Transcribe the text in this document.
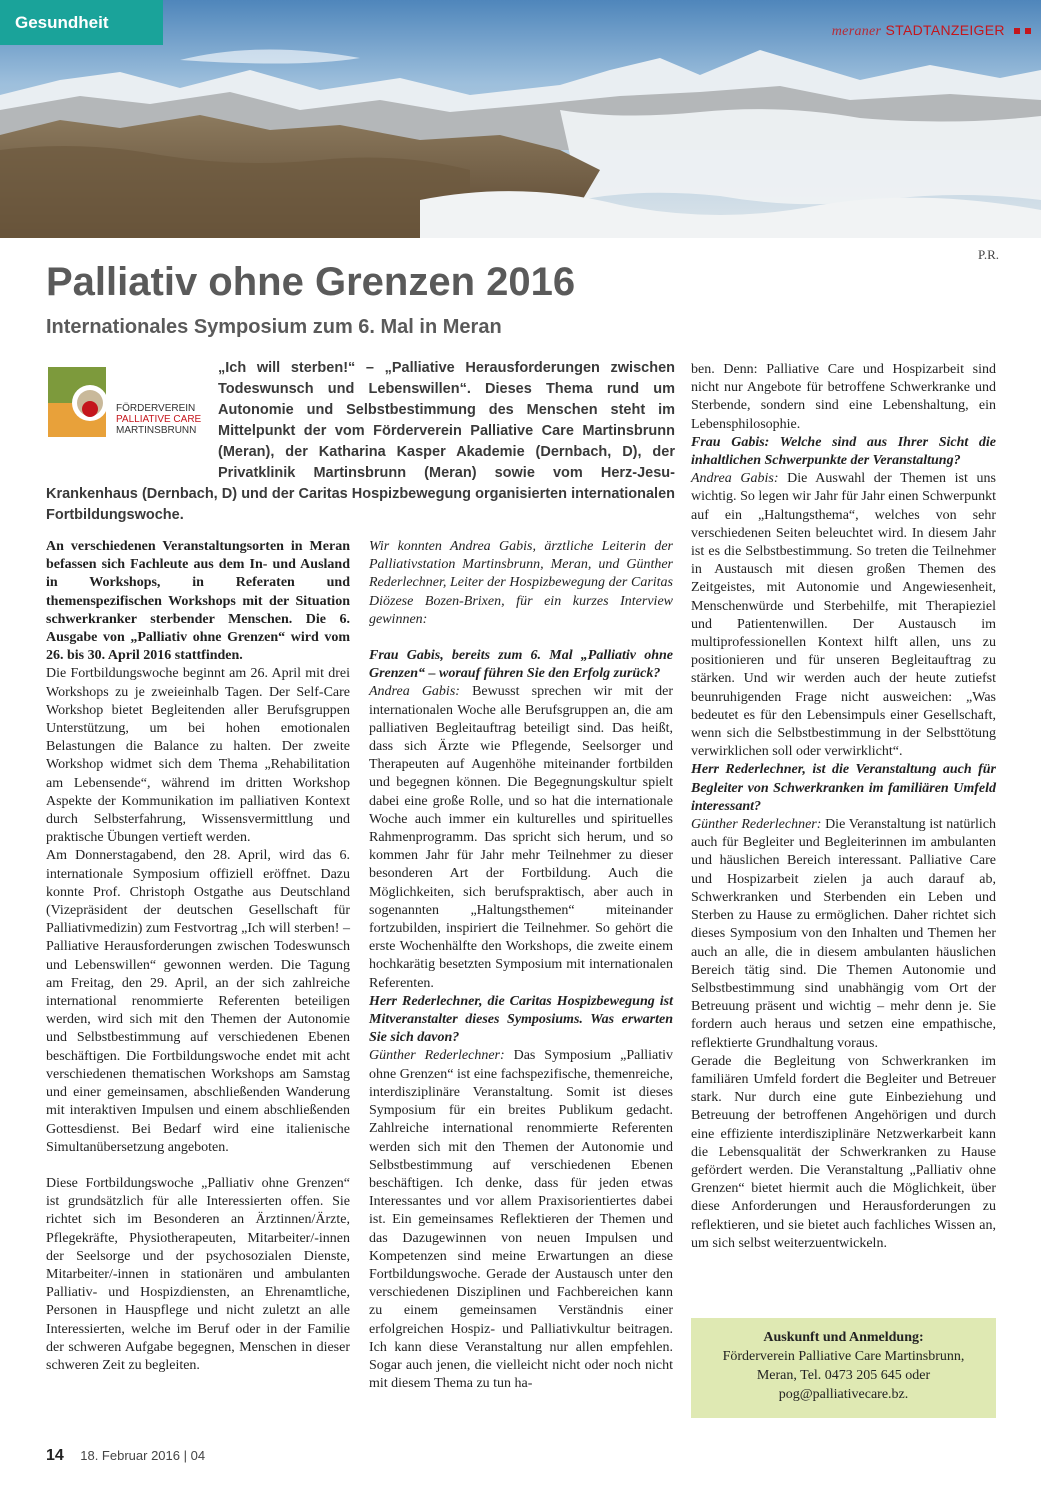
Gesundheit	meraner STADTANZEIGER
P.R.
Palliativ ohne Grenzen 2016
Internationales Symposium zum 6. Mal in Meran
FÖRDERVEREIN
PALLIATIVE CARE
MARTINSBRUNN
„Ich will sterben!“ – „Palliative Herausforderungen zwischen Todeswunsch und Lebenswillen“. Dieses Thema rund um Autonomie und Selbstbestimmung des Menschen steht im Mittelpunkt der vom Förderverein Palliative Care Martinsbrunn (Meran), der Katharina Kasper Akademie (Dernbach, D), der Privatklinik Martinsbrunn (Meran) sowie vom Herz-Jesu-Krankenhaus (Dernbach, D) und der Caritas Hospizbewegung organisierten internationalen Fortbildungswoche.

An verschiedenen Veranstaltungsorten in Meran befassen sich Fachleute aus dem In- und Ausland in Workshops, in Referaten und themenspezifischen Workshops mit der Situation schwerkranker sterbender Menschen. Die 6. Ausgabe von „Palliativ ohne Grenzen“ wird vom 26. bis 30. April 2016 stattfinden.

Die Fortbildungswoche beginnt am 26. April mit drei Workshops zu je zweieinhalb Tagen. Der Self-Care Workshop bietet Begleitenden aller Berufsgruppen Unterstützung, um bei hohen emotionalen Belastungen die Balance zu halten. Der zweite Workshop widmet sich dem Thema „Rehabilitation am Lebensende“, während im dritten Workshop Aspekte der Kommunikation im palliativen Kontext durch Selbsterfahrung, Wissensvermittlung und praktische Übungen vertieft werden.

Am Donnerstagabend, den 28. April, wird das 6. internationale Symposium offiziell eröffnet. Dazu konnte Prof. Christoph Ostgathe aus Deutschland (Vizepräsident der deutschen Gesellschaft für Palliativmedizin) zum Festvortrag „Ich will sterben! – Palliative Herausforderungen zwischen Todeswunsch und Lebenswillen“ gewonnen werden. Die Tagung am Freitag, den 29. April, an der sich zahlreiche international renommierte Referenten beteiligen werden, wird sich mit den Themen der Autonomie und Selbstbestimmung auf verschiedenen Ebenen beschäftigen. Die Fortbildungswoche endet mit acht verschiedenen thematischen Workshops am Samstag und einer gemeinsamen, abschließenden Wanderung mit interaktiven Impulsen und einem abschließenden Gottesdienst. Bei Bedarf wird eine italienische Simultanübersetzung angeboten.

Diese Fortbildungswoche „Palliativ ohne Grenzen“ ist grundsätzlich für alle Interessierten offen. Sie richtet sich im Besonderen an Ärztinnen/Ärzte, Pflegekräfte, Physiotherapeuten, Mitarbeiter/-innen der Seelsorge und der psychosozialen Dienste, Mitarbeiter/-innen in stationären und ambulanten Palliativ- und Hospizdiensten, an Ehrenamtliche, Personen in Hauspflege und nicht zuletzt an alle Interessierten, welche im Beruf oder in der Familie der schweren Aufgabe begegnen, Menschen in dieser schweren Zeit zu begleiten.

Wir konnten Andrea Gabis, ärztliche Leiterin der Palliativstation Martinsbrunn, Meran, und Günther Rederlechner, Leiter der Hospizbewegung der Caritas Diözese Bozen-Brixen, für ein kurzes Interview gewinnen:

Frau Gabis, bereits zum 6. Mal „Palliativ ohne Grenzen“ – worauf führen Sie den Erfolg zurück?

Andrea Gabis: Bewusst sprechen wir mit der internationalen Woche alle Berufsgruppen an, die am palliativen Begleitauftrag beteiligt sind. Das heißt, dass sich Ärzte wie Pflegende, Seelsorger und Therapeuten auf Augenhöhe miteinander fortbilden und begegnen können. Die Begegnungskultur spielt dabei eine große Rolle, und so hat die internationale Woche auch immer ein kulturelles und spirituelles Rahmenprogramm. Das spricht sich herum, und so kommen Jahr für Jahr mehr Teilnehmer zu dieser besonderen Art der Fortbildung. Auch die Möglichkeiten, sich berufspraktisch, aber auch in sogenannten „Haltungsthemen“ miteinander fortzubilden, inspiriert die Teilnehmer. So gehört die erste Wochenhälfte den Workshops, die zweite einem hochkarätig besetzten Symposium mit internationalen Referenten.

Herr Rederlechner, die Caritas Hospizbewegung ist Mitveranstalter dieses Symposiums. Was erwarten Sie sich davon?

Günther Rederlechner: Das Symposium „Palliativ ohne Grenzen“ ist eine fachspezifische, themenreiche, interdisziplinäre Veranstaltung. Somit ist dieses Symposium für ein breites Publikum gedacht. Zahlreiche international renommierte Referenten werden sich mit den Themen der Autonomie und Selbstbestimmung auf verschiedenen Ebenen beschäftigen. Ich denke, dass für jeden etwas Interessantes und vor allem Praxisorientiertes dabei ist. Ein gemeinsames Reflektieren der Themen und das Dazugewinnen von neuen Impulsen und Kompetenzen sind meine Erwartungen an diese Fortbildungswoche. Gerade der Austausch unter den verschiedenen Disziplinen und Fachbereichen kann zu einem gemeinsamen Verständnis einer erfolgreichen Hospiz- und Palliativkultur beitragen. Ich kann diese Veranstaltung nur allen empfehlen. Sogar auch jenen, die vielleicht nicht oder noch nicht mit diesem Thema zu tun ha-

ben. Denn: Palliative Care und Hospizarbeit sind nicht nur Angebote für betroffene Schwerkranke und Sterbende, sondern sind eine Lebenshaltung, ein Lebensphilosophie.

Frau Gabis: Welche sind aus Ihrer Sicht die inhaltlichen Schwerpunkte der Veranstaltung?

Andrea Gabis: Die Auswahl der Themen ist uns wichtig. So legen wir Jahr für Jahr einen Schwerpunkt auf ein „Haltungsthema“, welches von sehr verschiedenen Seiten beleuchtet wird. In diesem Jahr ist es die Selbstbestimmung. So treten die Teilnehmer in Austausch mit diesen großen Themen des Zeitgeistes, mit Autonomie und Angewiesenheit, Menschenwürde und Sterbehilfe, mit Therapieziel und Patientenwillen. Der Austausch im multiprofessionellen Kontext hilft allen, uns zu positionieren und für unseren Begleitauftrag zu stärken. Und wir werden auch der heute zutiefst beunruhigenden Frage nicht ausweichen: „Was bedeutet es für den Lebensimpuls einer Gesellschaft, wenn sich die Selbstbestimmung in der Selbsttötung verwirklichen soll oder verwirklicht“.

Herr Rederlechner, ist die Veranstaltung auch für Begleiter von Schwerkranken im familiären Umfeld interessant?

Günther Rederlechner: Die Veranstaltung ist natürlich auch für Begleiter und Begleiterinnen im ambulanten und häuslichen Bereich interessant. Palliative Care und Hospizarbeit zielen ja auch darauf ab, Schwerkranken und Sterbenden ein Leben und Sterben zu Hause zu ermöglichen. Daher richtet sich dieses Symposium von den Inhalten und Themen her auch an alle, die in diesem ambulanten häuslichen Bereich tätig sind. Die Themen Autonomie und Selbstbestimmung sind unabhängig vom Ort der Betreuung präsent und wichtig – mehr denn je. Sie fordern auch heraus und setzen eine empathische, reflektierte Grundhaltung voraus.

Gerade die Begleitung von Schwerkranken im familiären Umfeld fordert die Begleiter und Betreuer stark. Nur durch eine gute Einbeziehung und Betreuung der betroffenen Angehörigen und durch eine effiziente interdisziplinäre Netzwerkarbeit kann die Lebensqualität der Schwerkranken zu Hause gefördert werden. Die Veranstaltung „Palliativ ohne Grenzen“ bietet hiermit auch die Möglichkeit, über diese Anforderungen und Herausforderungen zu reflektieren, und sie bietet auch fachliches Wissen an, um sich selbst weiterzuentwickeln.

Auskunft und Anmeldung:
Förderverein Palliative Care Martinsbrunn,
Meran, Tel. 0473 205 645 oder
pog@palliativecare.bz.
14 18. Februar 2016 | 04
